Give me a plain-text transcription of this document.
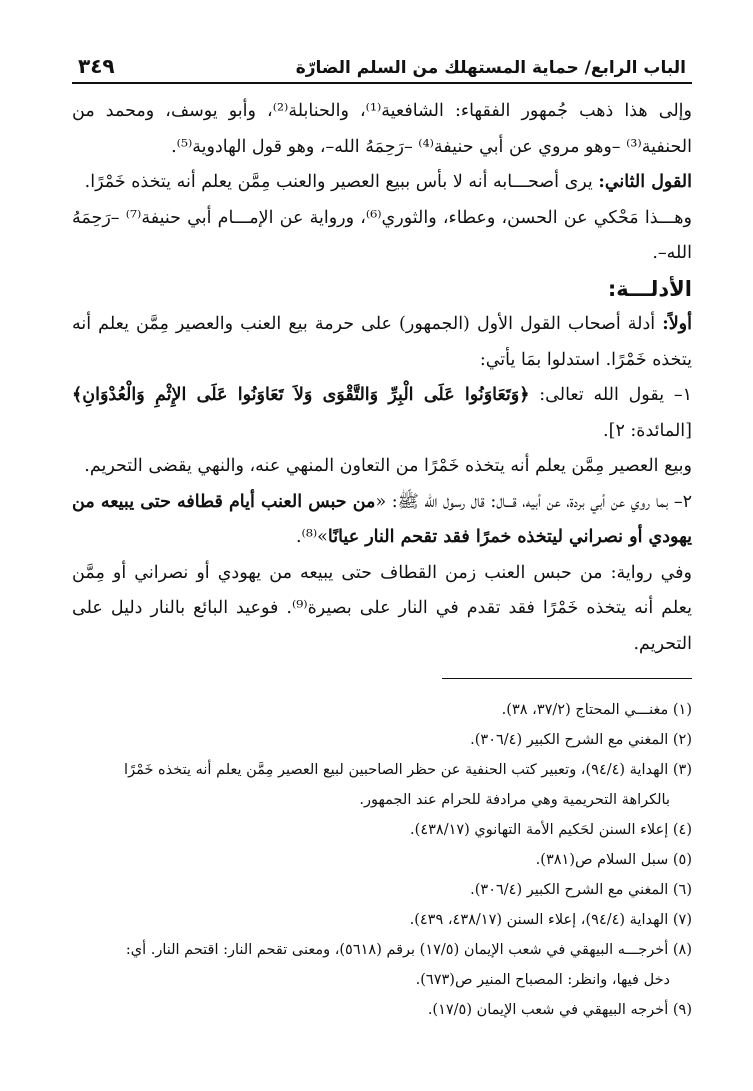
الباب الرابع/ حماية المستهلك من السلم الضارّة
٣٤٩

وإلى هذا ذهب جُمهور الفقهاء: الشافعية⁽¹⁾، والحنابلة⁽²⁾، وأبو يوسف، ومحمد من الحنفية⁽³⁾ –وهو مروي عن أبي حنيفة⁽⁴⁾ –رَحِمَهُ الله–، وهو قول الهادوية⁽⁵⁾.

القول الثاني: يرى أصحـــابه أنه لا بأس ببيع العصير والعنب مِمَّن يعلم أنه يتخذه خَمْرًا.

وهـــذا مَحْكي عن الحسن، وعطاء، والثوري⁽⁶⁾، ورواية عن الإمـــام أبي حنيفة⁽⁷⁾ –رَحِمَهُ الله–.

الأدلـــة:

أولاً: أدلة أصحاب القول الأول (الجمهور) على حرمة بيع العنب والعصير مِمَّن يعلم أنه يتخذه خَمْرًا. استدلوا بمَا يأتي:

١– يقول الله تعالى: ﴿وَتَعَاوَنُوا عَلَى الْبِرِّ وَالتَّقْوَى وَلاَ تَعَاوَنُوا عَلَى الإِثْمِ وَالْعُدْوَانِ﴾ [المائدة: ٢].

وبيع العصير مِمَّن يعلم أنه يتخذه خَمْرًا من التعاون المنهي عنه، والنهي يقضى التحريم.

٢– بما روي عن أبي بردة، عن أبيه، قـــال: قال رسول الله ﷺ: «من حبس العنب أيام قطافه حتى يبيعه من يهودي أو نصراني ليتخذه خمرًا فقد تقحم النار عيانًا»⁽⁸⁾.

وفي رواية: من حبس العنب زمن القطاف حتى يبيعه من يهودي أو نصراني أو مِمَّن يعلم أنه يتخذه خَمْرًا فقد تقدم في النار على بصيرة⁽⁹⁾. فوعيد البائع بالنار دليل على التحريم.

(١) مغنـــي المحتاج (٣٧/٢، ٣٨).

(٢) المغني مع الشرح الكبير (٣٠٦/٤).

(٣) الهداية (٩٤/٤)، وتعبير كتب الحنفية عن حظر الصاحبين لبيع العصير مِمَّن يعلم أنه يتخذه خَمْرًا

بالكراهة التحريمية وهي مرادفة للحرام عند الجمهور.

(٤) إعلاء السنن لحَكيم الأمة التهانوي (٤٣٨/١٧).

(٥) سبل السلام ص(٣٨١).

(٦) المغني مع الشرح الكبير (٣٠٦/٤).

(٧) الهداية (٩٤/٤)، إعلاء السنن (٤٣٨/١٧، ٤٣٩).

(٨) أخرجـــه البيهقي في شعب الإيمان (١٧/٥) برقم (٥٦١٨)، ومعنى تقحم النار: اقتحم النار. أي:

دخل فيها، وانظر: المصباح المنير ص(٦٧٣).

(٩) أخرجه البيهقي في شعب الإيمان (١٧/٥).
